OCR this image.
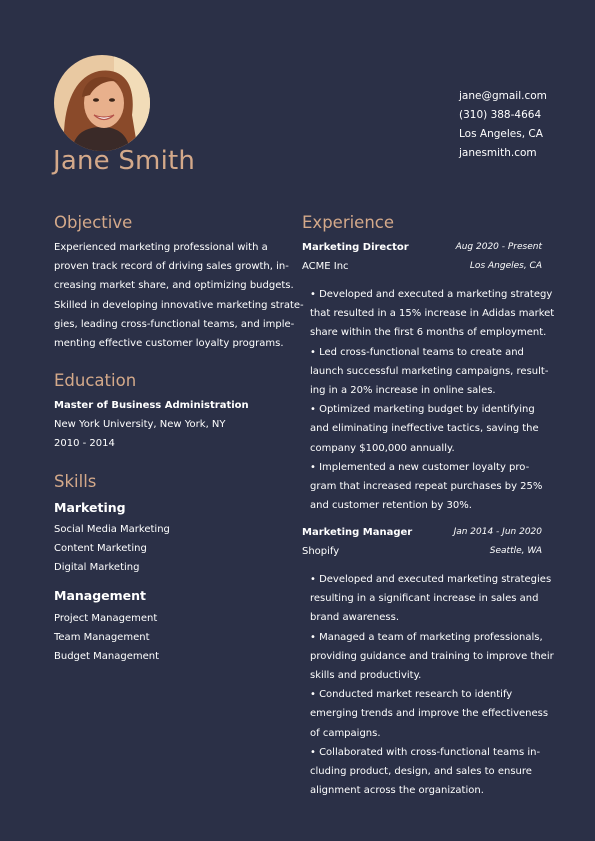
Jane Smith
jane@gmail.com
(310) 388-4664
Los Angeles, CA
janesmith.com
Objective
Experienced marketing professional with a
proven track record of driving sales growth, in-
creasing market share, and optimizing budgets.
Skilled in developing innovative marketing strate-
gies, leading cross-functional teams, and imple-
menting effective customer loyalty programs.
Education
Master of Business Administration
New York University, New York, NY
2010 - 2014
Skills
Marketing
Social Media Marketing
Content Marketing
Digital Marketing
Management
Project Management
Team Management
Budget Management
Experience
Marketing Director	Aug 2020 - Present
ACME Inc	Los Angeles, CA
• Developed and executed a marketing strategy
that resulted in a 15% increase in Adidas market
share within the first 6 months of employment.
• Led cross-functional teams to create and
launch successful marketing campaigns, result-
ing in a 20% increase in online sales.
• Optimized marketing budget by identifying
and eliminating ineffective tactics, saving the
company $100,000 annually.
• Implemented a new customer loyalty pro-
gram that increased repeat purchases by 25%
and customer retention by 30%.
Marketing Manager	Jan 2014 - Jun 2020
Shopify	Seattle, WA
• Developed and executed marketing strategies
resulting in a significant increase in sales and
brand awareness.
• Managed a team of marketing professionals,
providing guidance and training to improve their
skills and productivity.
• Conducted market research to identify
emerging trends and improve the effectiveness
of campaigns.
• Collaborated with cross-functional teams in-
cluding product, design, and sales to ensure
alignment across the organization.
